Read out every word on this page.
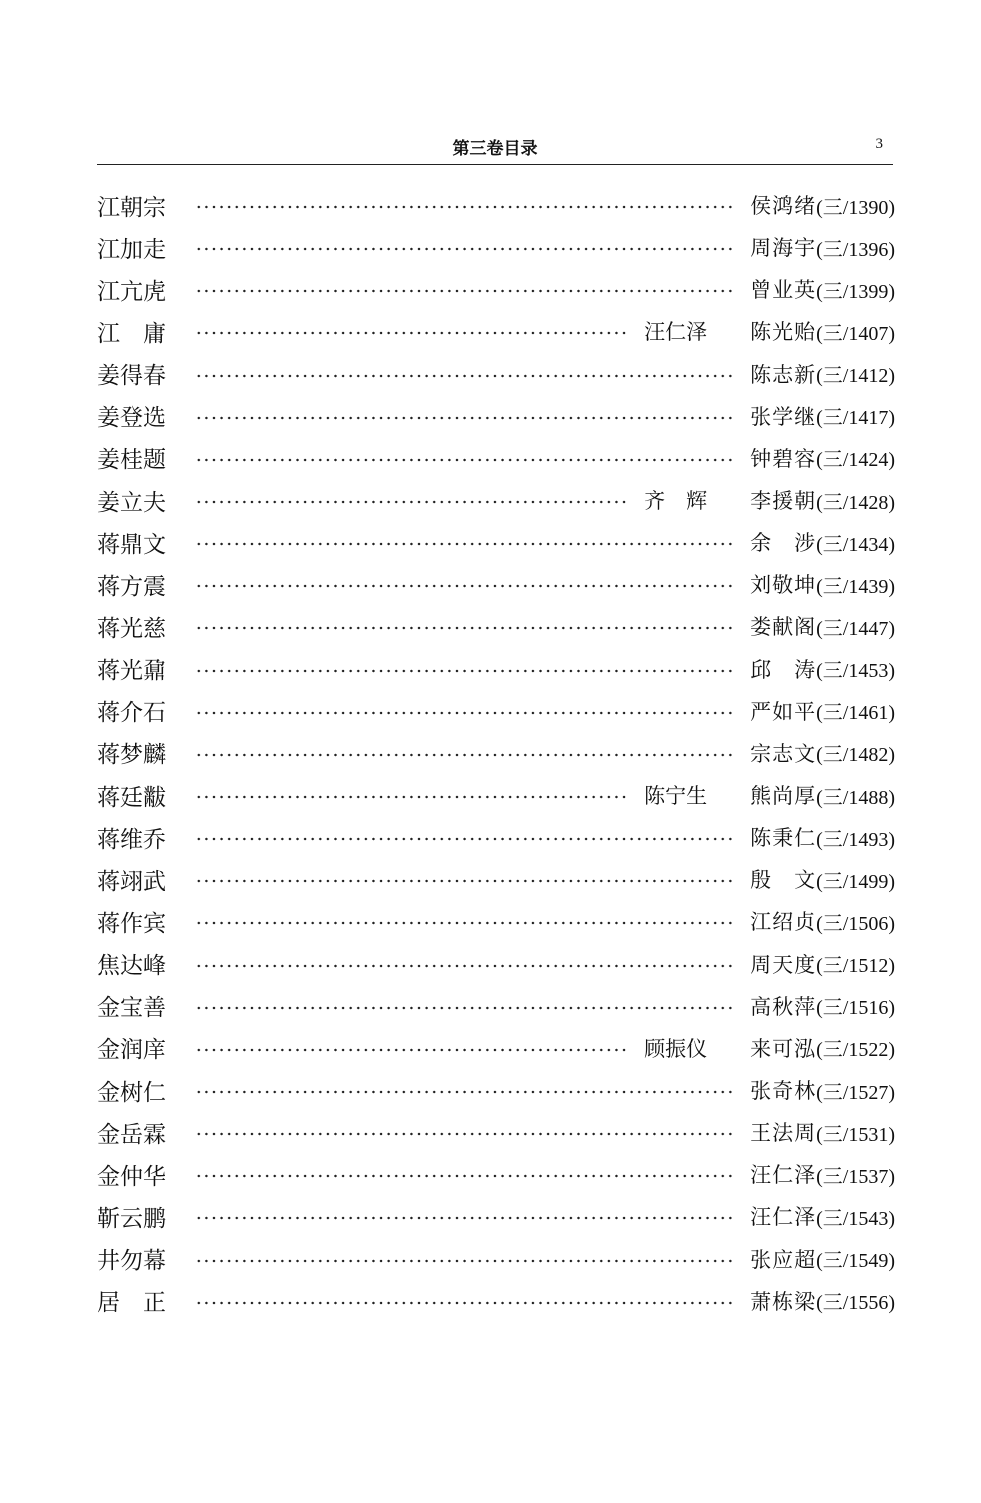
第三卷目录	3
江朝宗	侯鸿绪 (三/1390)
江加走	周海宇 (三/1396)
江亢虎	曾业英 (三/1399)
江　庸	汪仁泽	陈光贻 (三/1407)
姜得春	陈志新 (三/1412)
姜登选	张学继 (三/1417)
姜桂题	钟碧容 (三/1424)
姜立夫	齐　辉	李援朝 (三/1428)
蒋鼎文	余　涉 (三/1434)
蒋方震	刘敬坤 (三/1439)
蒋光慈	娄献阁 (三/1447)
蒋光鼐	邱　涛 (三/1453)
蒋介石	严如平 (三/1461)
蒋梦麟	宗志文 (三/1482)
蒋廷黻	陈宁生	熊尚厚 (三/1488)
蒋维乔	陈秉仁 (三/1493)
蒋翊武	殷　文 (三/1499)
蒋作宾	江绍贞 (三/1506)
焦达峰	周天度 (三/1512)
金宝善	高秋萍 (三/1516)
金润庠	顾振仪	来可泓 (三/1522)
金树仁	张奇林 (三/1527)
金岳霖	王法周 (三/1531)
金仲华	汪仁泽 (三/1537)
靳云鹏	汪仁泽 (三/1543)
井勿幕	张应超 (三/1549)
居　正	萧栋梁 (三/1556)
